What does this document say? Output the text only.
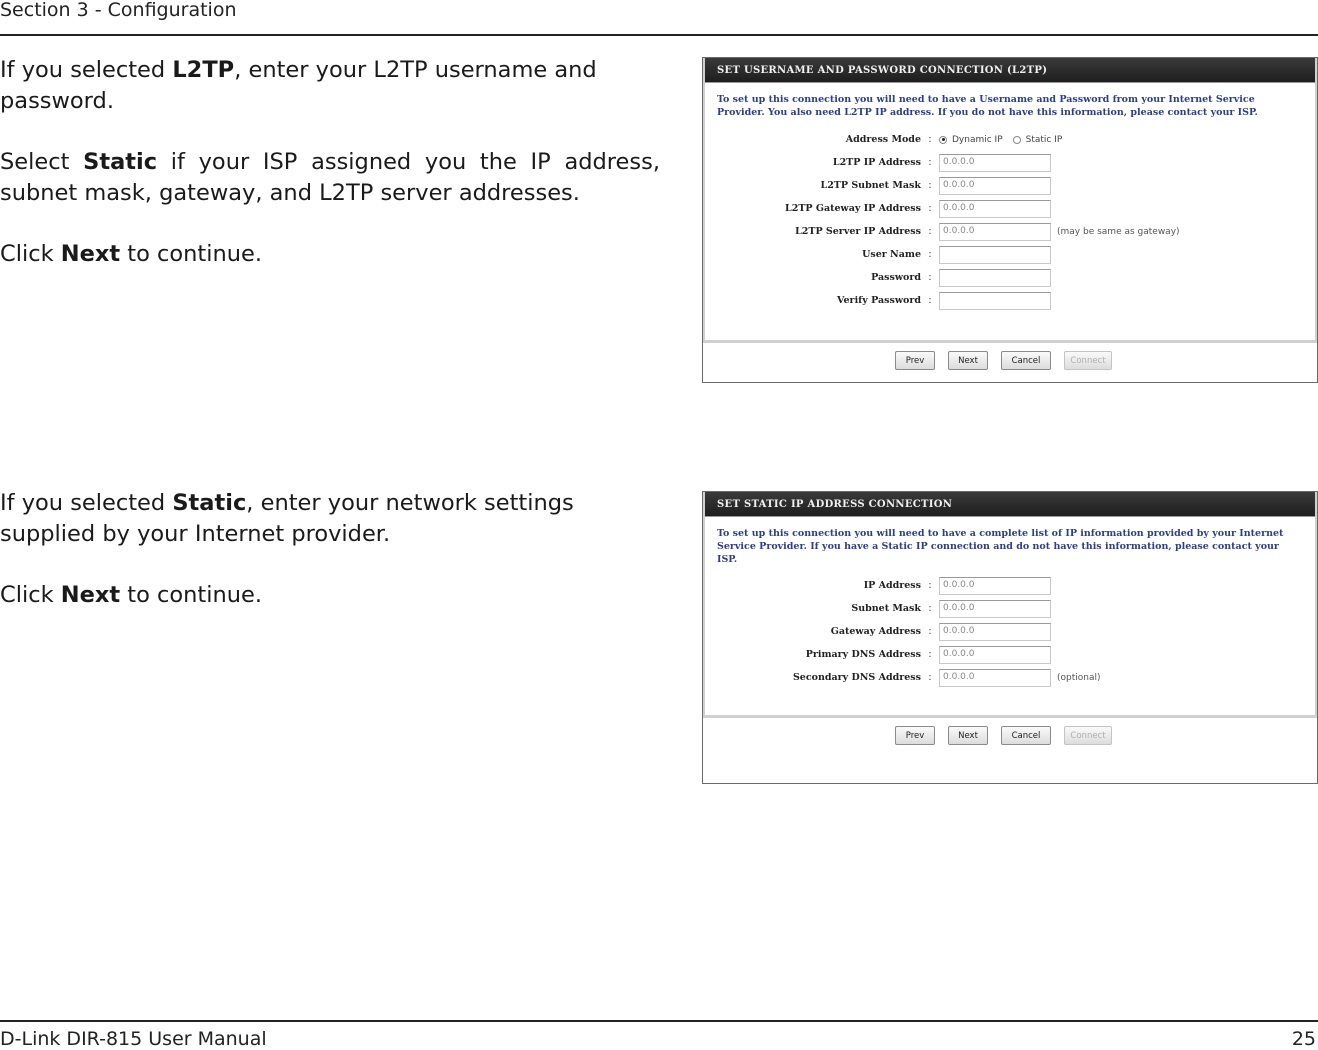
Section 3 - Configuration

If you selected L2TP, enter your L2TP username and password.

Select Static if your ISP assigned you the IP address, subnet mask, gateway, and L2TP server addresses.

Click Next to continue.

SET USERNAME AND PASSWORD CONNECTION (L2TP)
To set up this connection you will need to have a Username and Password from your Internet Service Provider. You also need L2TP IP address. If you do not have this information, please contact your ISP.
Address Mode :	Dynamic IP	Static IP
L2TP IP Address :	0.0.0.0
L2TP Subnet Mask :	0.0.0.0
L2TP Gateway IP Address :	0.0.0.0
L2TP Server IP Address :	0.0.0.0	(may be same as gateway)
User Name :
Password :
Verify Password :
Prev	Next	Cancel	Connect

If you selected Static, enter your network settings supplied by your Internet provider.

Click Next to continue.

SET STATIC IP ADDRESS CONNECTION
To set up this connection you will need to have a complete list of IP information provided by your Internet Service Provider. If you have a Static IP connection and do not have this information, please contact your ISP.
IP Address :	0.0.0.0
Subnet Mask :	0.0.0.0
Gateway Address :	0.0.0.0
Primary DNS Address :	0.0.0.0
Secondary DNS Address :	0.0.0.0	(optional)
Prev	Next	Cancel	Connect
D-Link DIR-815 User Manual	25
